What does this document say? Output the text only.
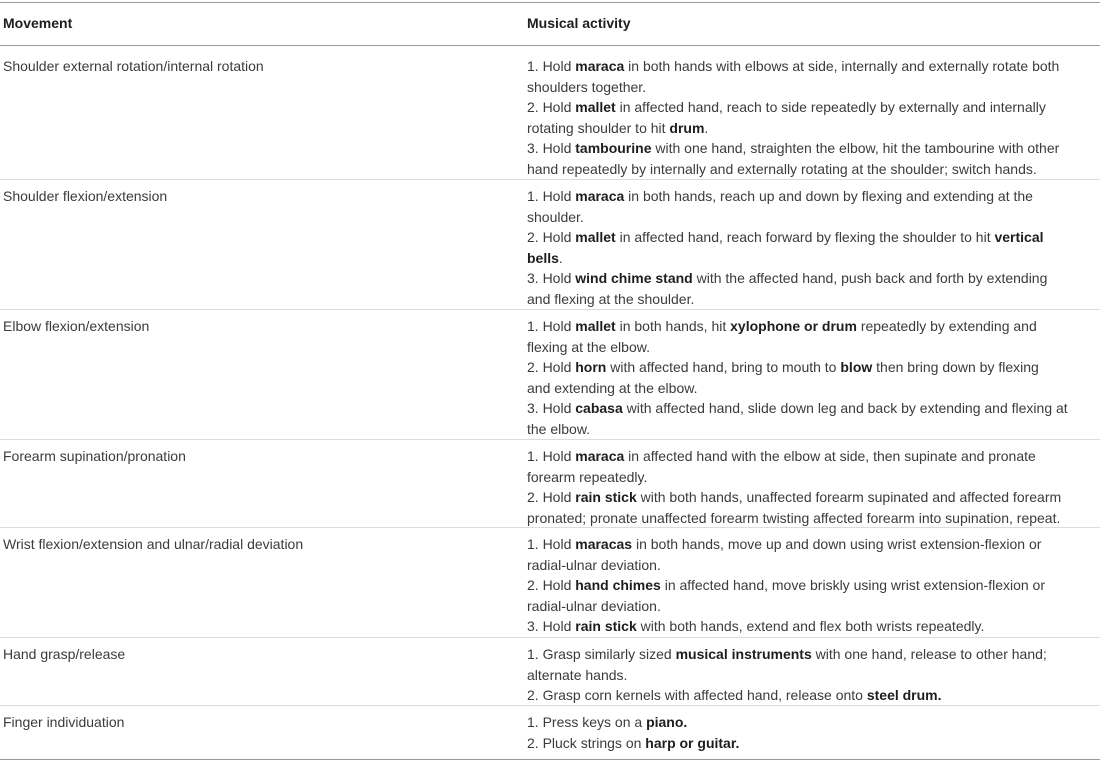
Movement	Musical activity
Shoulder external rotation/internal rotation	1. Hold maraca in both hands with elbows at side, internally and externally rotate both
shoulders together.
2. Hold mallet in affected hand, reach to side repeatedly by externally and internally
rotating shoulder to hit drum.
3. Hold tambourine with one hand, straighten the elbow, hit the tambourine with other
hand repeatedly by internally and externally rotating at the shoulder; switch hands.
Shoulder flexion/extension	1. Hold maraca in both hands, reach up and down by flexing and extending at the
shoulder.
2. Hold mallet in affected hand, reach forward by flexing the shoulder to hit vertical
bells.
3. Hold wind chime stand with the affected hand, push back and forth by extending
and flexing at the shoulder.
Elbow flexion/extension	1. Hold mallet in both hands, hit xylophone or drum repeatedly by extending and
flexing at the elbow.
2. Hold horn with affected hand, bring to mouth to blow then bring down by flexing
and extending at the elbow.
3. Hold cabasa with affected hand, slide down leg and back by extending and flexing at
the elbow.
Forearm supination/pronation	1. Hold maraca in affected hand with the elbow at side, then supinate and pronate
forearm repeatedly.
2. Hold rain stick with both hands, unaffected forearm supinated and affected forearm
pronated; pronate unaffected forearm twisting affected forearm into supination, repeat.
Wrist flexion/extension and ulnar/radial deviation	1. Hold maracas in both hands, move up and down using wrist extension-flexion or
radial-ulnar deviation.
2. Hold hand chimes in affected hand, move briskly using wrist extension-flexion or
radial-ulnar deviation.
3. Hold rain stick with both hands, extend and flex both wrists repeatedly.
Hand grasp/release	1. Grasp similarly sized musical instruments with one hand, release to other hand;
alternate hands.
2. Grasp corn kernels with affected hand, release onto steel drum.
Finger individuation	1. Press keys on a piano.
2. Pluck strings on harp or guitar.
